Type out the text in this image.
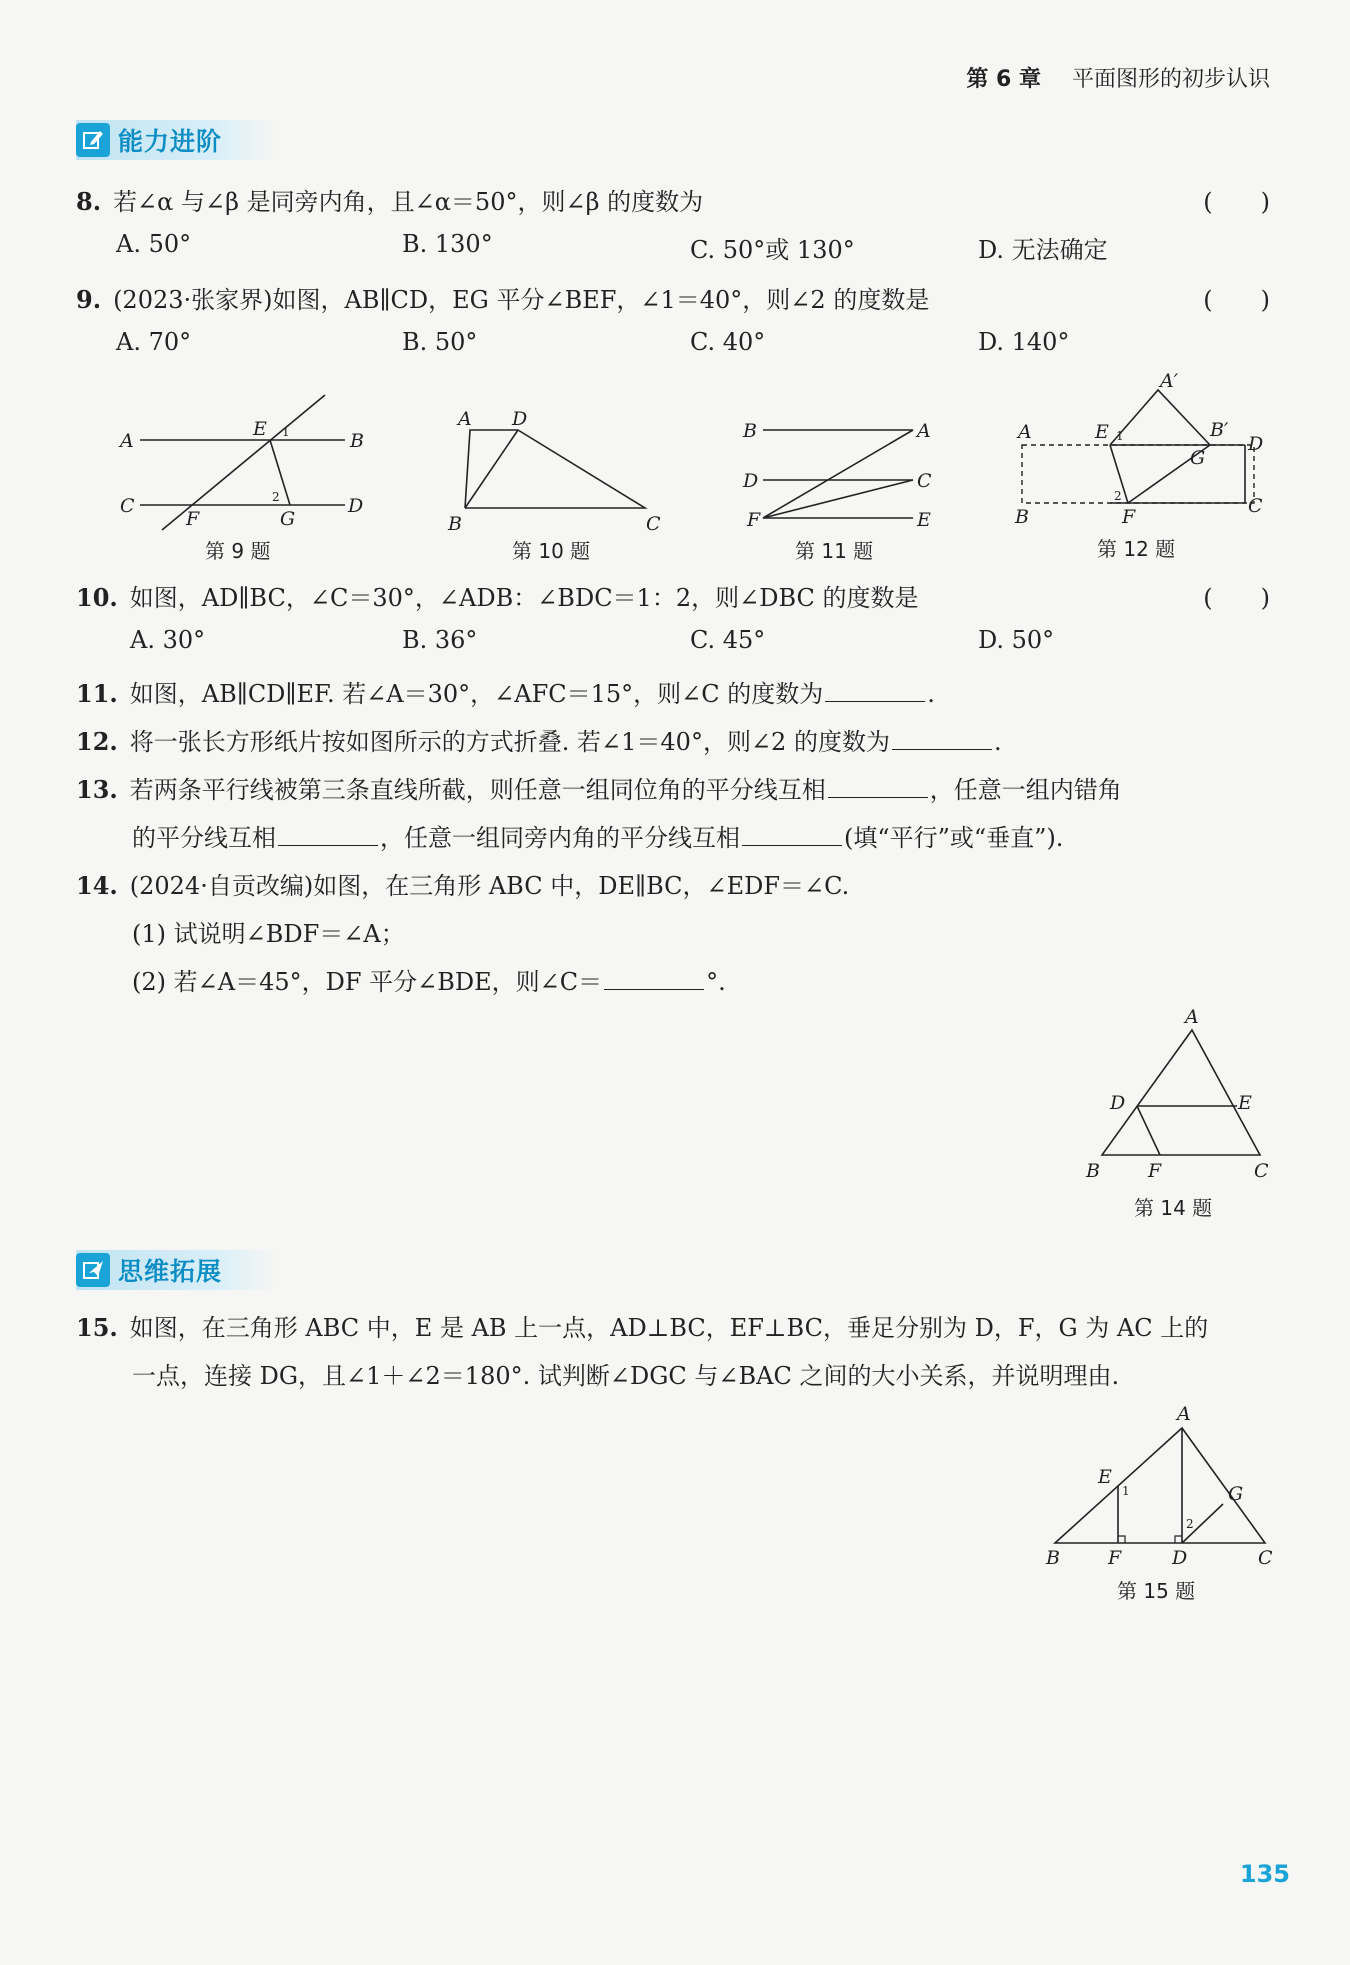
第 6 章 平面图形的初步认识
能力进阶
8. 若∠α 与∠β 是同旁内角，且∠α＝50°，则∠β 的度数为	(　　)
A. 50°	B. 130°	C. 50°或 130°	D. 无法确定
9. (2023·张家界)如图，AB∥CD，EG 平分∠BEF，∠1＝40°，则∠2 的度数是	(　　)
A. 70°	B. 50°	C. 40°	D. 140°
A
E 1	B
C
F
2
G
D
第 9 题
A D
B	C
第 10 题
B	A
D	C
F	E
第 11 题
A′
A	E 1	B′
D
G
B
2
F	C
第 12 题
10. 如图，AD∥BC，∠C＝30°，∠ADB：∠BDC＝1：2，则∠DBC 的度数是	(　　)
A. 30°	B. 36°	C. 45°	D. 50°
11. 如图，AB∥CD∥EF. 若∠A＝30°，∠AFC＝15°，则∠C 的度数为	.
12. 将一张长方形纸片按如图所示的方式折叠. 若∠1＝40°，则∠2 的度数为	.
13. 若两条平行线被第三条直线所截，则任意一组同位角的平分线互相	，任意一组内错角
的平分线互相	，任意一组同旁内角的平分线互相	(填“平行”或“垂直”).
14. (2024·自贡改编)如图，在三角形 ABC 中，DE∥BC，∠EDF＝∠C.
(1) 试说明∠BDF＝∠A；
(2) 若∠A＝45°，DF 平分∠BDE，则∠C＝	°.
A
D	E
B	F	C
第 14 题
思维拓展
15. 如图，在三角形 ABC 中，E 是 AB 上一点，AD⊥BC，EF⊥BC，垂足分别为 D，F，G 为 AC 上的
一点，连接 DG，且∠1＋∠2＝180°. 试判断∠DGC 与∠BAC 之间的大小关系，并说明理由.
A
E
1	G
2
B	F	D	C
第 15 题
135
